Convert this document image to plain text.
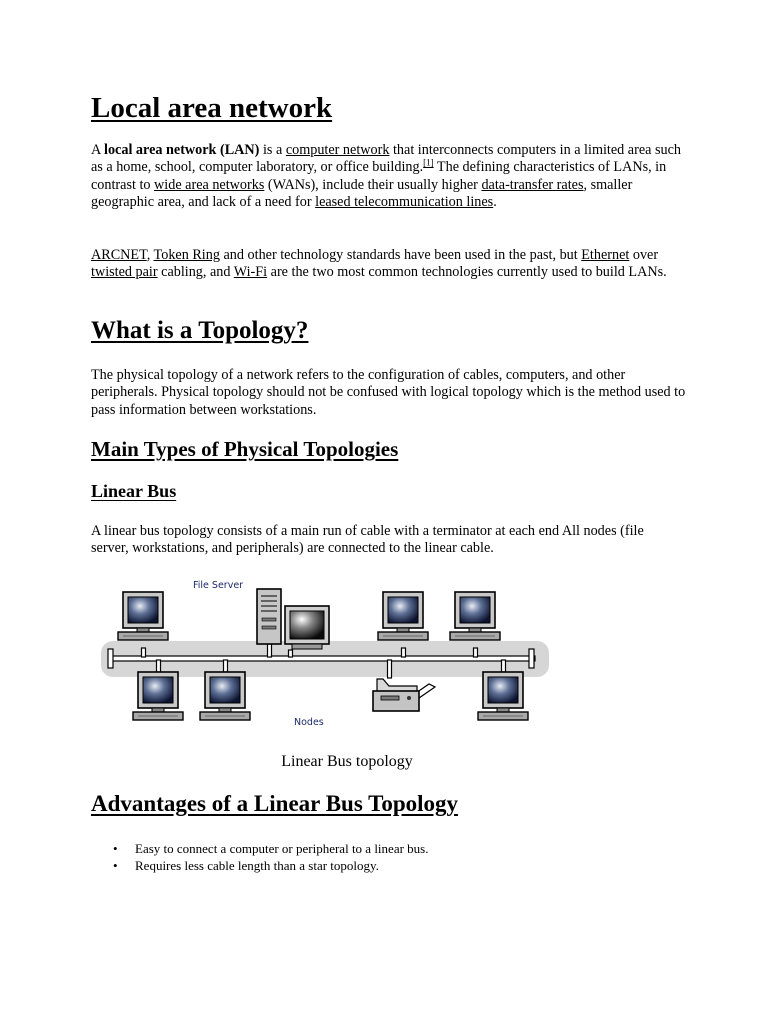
Local area network

A local area network (LAN) is a computer network that interconnects computers in a limited area such as a home, school, computer laboratory, or office building.[1] The defining characteristics of LANs, in contrast to wide area networks (WANs), include their usually higher data-transfer rates, smaller geographic area, and lack of a need for leased telecommunication lines.

ARCNET, Token Ring and other technology standards have been used in the past, but Ethernet over twisted pair cabling, and Wi-Fi are the two most common technologies currently used to build LANs.

What is a Topology?

The physical topology of a network refers to the configuration of cables, computers, and other peripherals. Physical topology should not be confused with logical topology which is the method used to pass information between workstations.

Main Types of Physical Topologies
Linear Bus

A linear bus topology consists of a main run of cable with a terminator at each end All nodes (file server, workstations, and peripherals) are connected to the linear cable.

File Server
Nodes
Linear Bus topology
Advantages of a Linear Bus Topology
• Easy to connect a computer or peripheral to a linear bus.
• Requires less cable length than a star topology.
